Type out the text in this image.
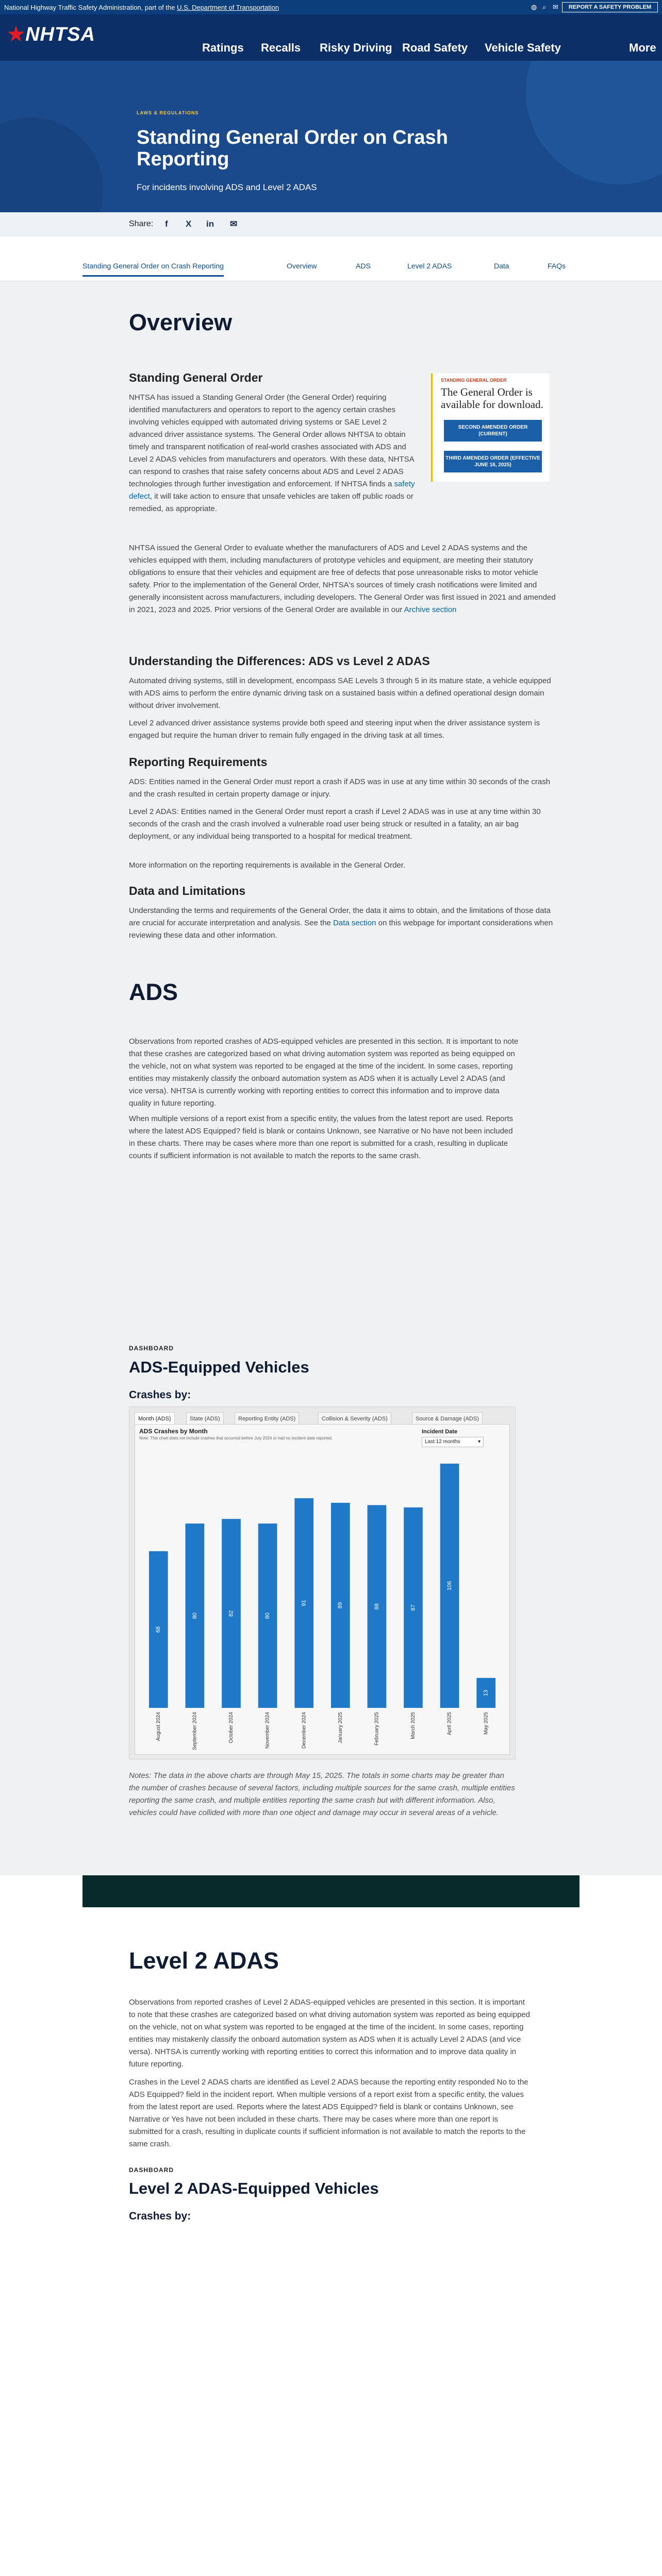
National Highway Traffic Safety Administration, part of the U.S. Department of Transportation	◍ ⌕ ✉	REPORT A SAFETY PROBLEM
★NHTSA
Ratings Recalls Risky Driving Road Safety Vehicle Safety	More
LAWS & REGULATIONS
Standing General Order on Crash Reporting
For incidents involving ADS and Level 2 ADAS
Share: f X in ✉
Standing General Order on Crash Reporting	Overview	ADS	Level 2 ADAS	Data	FAQs
Overview
Standing General Order
NHTSA has issued a Standing General Order (the General Order) requiring identified manufacturers and operators to report to the agency certain crashes involving vehicles equipped with automated driving systems or SAE Level 2 advanced driver assistance systems. The General Order allows NHTSA to obtain timely and transparent notification of real-world crashes associated with ADS and Level 2 ADAS vehicles from manufacturers and operators. With these data, NHTSA can respond to crashes that raise safety concerns about ADS and Level 2 ADAS technologies through further investigation and enforcement. If NHTSA finds a safety defect, it will take action to ensure that unsafe vehicles are taken off public roads or remedied, as appropriate.
NHTSA issued the General Order to evaluate whether the manufacturers of ADS and Level 2 ADAS systems and the vehicles equipped with them, including manufacturers of prototype vehicles and equipment, are meeting their statutory obligations to ensure that their vehicles and equipment are free of defects that pose unreasonable risks to motor vehicle safety. Prior to the implementation of the General Order, NHTSA's sources of timely crash notifications were limited and generally inconsistent across manufacturers, including developers. The General Order was first issued in 2021 and amended in 2021, 2023 and 2025. Prior versions of the General Order are available in our Archive section
STANDING GENERAL ORDER
The General Order is available for download.
SECOND AMENDED ORDER (CURRENT)
THIRD AMENDED ORDER (EFFECTIVE JUNE 16, 2025)
Understanding the Differences: ADS vs Level 2 ADAS
Automated driving systems, still in development, encompass SAE Levels 3 through 5 in its mature state, a vehicle equipped with ADS aims to perform the entire dynamic driving task on a sustained basis within a defined operational design domain without driver involvement.
Level 2 advanced driver assistance systems provide both speed and steering input when the driver assistance system is engaged but require the human driver to remain fully engaged in the driving task at all times.
Reporting Requirements
ADS: Entities named in the General Order must report a crash if ADS was in use at any time within 30 seconds of the crash and the crash resulted in certain property damage or injury.
Level 2 ADAS: Entities named in the General Order must report a crash if Level 2 ADAS was in use at any time within 30 seconds of the crash and the crash involved a vulnerable road user being struck or resulted in a fatality, an air bag deployment, or any individual being transported to a hospital for medical treatment.
More information on the reporting requirements is available in the General Order.
Data and Limitations
Understanding the terms and requirements of the General Order, the data it aims to obtain, and the limitations of those data are crucial for accurate interpretation and analysis. See the Data section on this webpage for important considerations when reviewing these data and other information.
ADS
Observations from reported crashes of ADS-equipped vehicles are presented in this section. It is important to note that these crashes are categorized based on what driving automation system was reported as being equipped on the vehicle, not on what system was reported to be engaged at the time of the incident. In some cases, reporting entities may mistakenly classify the onboard automation system as ADS when it is actually Level 2 ADAS (and vice versa). NHTSA is currently working with reporting entities to correct this information and to improve data quality in future reporting.
When multiple versions of a report exist from a specific entity, the values from the latest report are used. Reports where the latest ADS Equipped? field is blank or contains Unknown, see Narrative or No have not been included in these charts. There may be cases where more than one report is submitted for a crash, resulting in duplicate counts if sufficient information is not available to match the reports to the same crash.
DASHBOARD
ADS-Equipped Vehicles
Crashes by:
Month (ADS)	State (ADS)	Reporting Entity (ADS)	Collision & Severity (ADS)	Source & Damage (ADS)
ADS Crashes by Month
Note: This chart does not include crashes that occurred before July 2024 or had no incident date reported.
Incident Date
Last 12 months	▾
68
August 2024
80
September 2024
82
October 2024
80
November 2024
91
December 2024
89
January 2025
88
February 2025
87
March 2025
106
April 2025
13
May 2025
Notes: The data in the above charts are through May 15, 2025. The totals in some charts may be greater than the number of crashes because of several factors, including multiple sources for the same crash, multiple entities reporting the same crash, and multiple entities reporting the same crash but with different information. Also, vehicles could have collided with more than one object and damage may occur in several areas of a vehicle.
Level 2 ADAS
Observations from reported crashes of Level 2 ADAS-equipped vehicles are presented in this section. It is important to note that these crashes are categorized based on what driving automation system was reported as being equipped on the vehicle, not on what system was reported to be engaged at the time of the incident. In some cases, reporting entities may mistakenly classify the onboard automation system as ADS when it is actually Level 2 ADAS (and vice versa). NHTSA is currently working with reporting entities to correct this information and to improve data quality in future reporting.
Crashes in the Level 2 ADAS charts are identified as Level 2 ADAS because the reporting entity responded No to the ADS Equipped? field in the incident report. When multiple versions of a report exist from a specific entity, the values from the latest report are used. Reports where the latest ADS Equipped? field is blank or contains Unknown, see Narrative or Yes have not been included in these charts. There may be cases where more than one report is submitted for a crash, resulting in duplicate counts if sufficient information is not available to match the reports to the same crash.
DASHBOARD
Level 2 ADAS-Equipped Vehicles
Crashes by:
